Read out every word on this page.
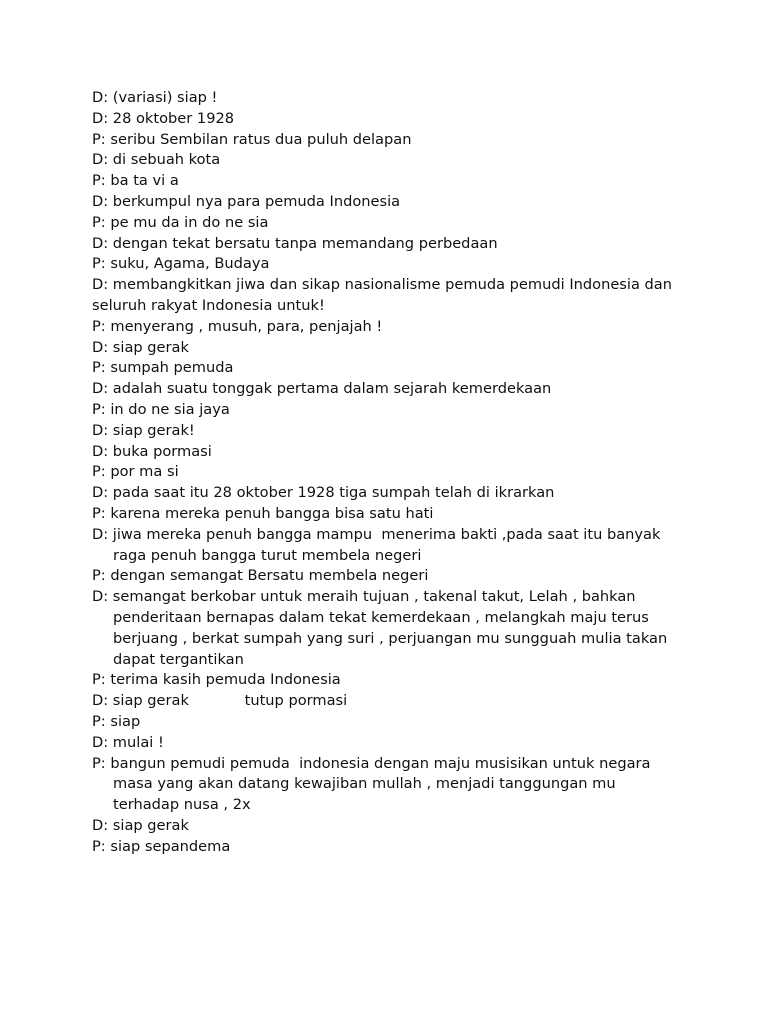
D: (variasi) siap !

D: 28 oktober 1928

P: seribu Sembilan ratus dua puluh delapan

D: di sebuah kota

P: ba ta vi a

D: berkumpul nya para pemuda Indonesia

P: pe mu da in do ne sia

D: dengan tekat bersatu tanpa memandang perbedaan

P: suku, Agama, Budaya

D: membangkitkan jiwa dan sikap nasionalisme pemuda pemudi Indonesia dan

seluruh rakyat Indonesia untuk!

P: menyerang , musuh, para, penjajah !

D: siap gerak

P: sumpah pemuda

D: adalah suatu tonggak pertama dalam sejarah kemerdekaan

P: in do ne sia jaya

D: siap gerak!

D: buka pormasi

P: por ma si

D: pada saat itu 28 oktober 1928 tiga sumpah telah di ikrarkan

P: karena mereka penuh bangga bisa satu hati

D: jiwa mereka penuh bangga mampu  menerima bakti ,pada saat itu banyak

raga penuh bangga turut membela negeri

P: dengan semangat Bersatu membela negeri

D: semangat berkobar untuk meraih tujuan , takenal takut, Lelah , bahkan

penderitaan bernapas dalam tekat kemerdekaan , melangkah maju terus

berjuang , berkat sumpah yang suri , perjuangan mu sungguah mulia takan

dapat tergantikan

P: terima kasih pemuda Indonesia

D: siap gerak            tutup pormasi

P: siap

D: mulai !

P: bangun pemudi pemuda  indonesia dengan maju musisikan untuk negara

masa yang akan datang kewajiban mullah , menjadi tanggungan mu

terhadap nusa , 2x

D: siap gerak

P: siap sepandema
